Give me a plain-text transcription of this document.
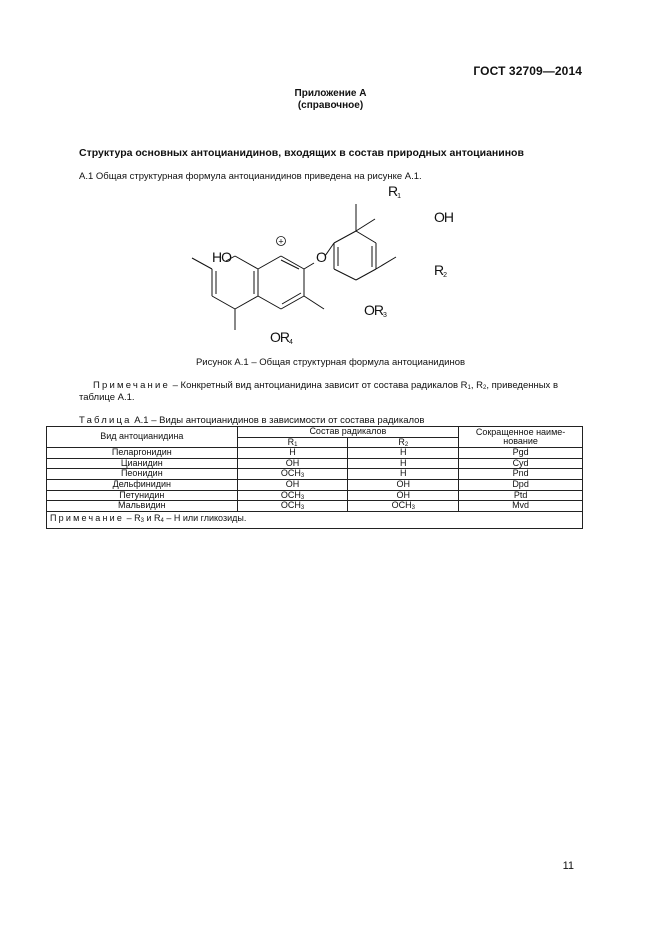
ГОСТ 32709—2014
Приложение А
(справочное)
Структура основных антоцианидинов, входящих в состав природных антоцианинов
А.1 Общая структурная формула антоцианидинов приведена на рисунке А.1.
+
HO	O
R1
OH
R2
OR3
OR4
Рисунок А.1 – Общая структурная формула антоцианидинов
Примечание – Конкретный вид антоцианидина зависит от состава радикалов $R_1$, $R_2$, приведенных в таблице А.1.
Таблица А.1 – Виды антоцианидинов в зависимости от состава радикалов
Вид антоцианидина	Состав радикалов		Сокращенное наиме-
нование
	$R_1$	$R_2$
Пеларгонидин	H	H	Pgd
Цианидин	OH	H	Cyd
Пеонидин	$OCH_3$	H	Pnd
Дельфинидин	OH	OH	Dpd
Петунидин	$OCH_3$	OH	Ptd
Мальвидин	$OCH_3$	$OCH_3$	Mvd
Примечание – $R_3$ и $R_4$ – H или гликозиды.			
11
